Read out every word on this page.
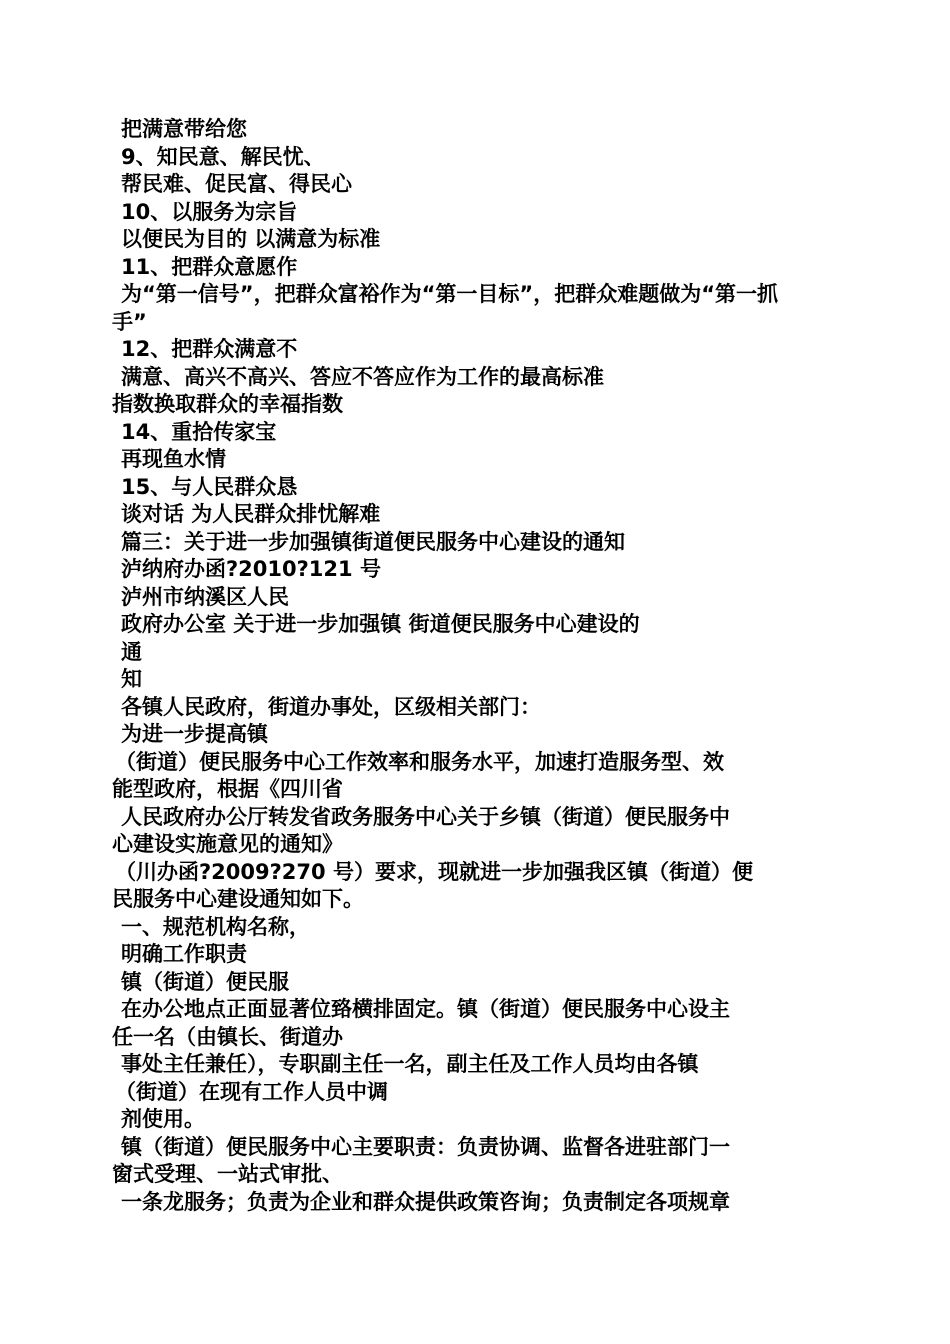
把满意带给您
9、知民意、解民忧、
帮民难、促民富、得民心
10、以服务为宗旨
以便民为目的 以满意为标准
11、把群众意愿作
为“第一信号”，把群众富裕作为“第一目标”，把群众难题做为“第一抓
手”
12、把群众满意不
满意、高兴不高兴、答应不答应作为工作的最高标准
指数换取群众的幸福指数
14、重拾传家宝
再现鱼水情
15、与人民群众恳
谈对话 为人民群众排忧解难
篇三：关于进一步加强镇街道便民服务中心建设的通知
泸纳府办函?2010?121 号
泸州市纳溪区人民
政府办公室 关于进一步加强镇 街道便民服务中心建设的
通
知
各镇人民政府，街道办事处，区级相关部门：
为进一步提高镇
（街道）便民服务中心工作效率和服务水平，加速打造服务型、效
能型政府，根据《四川省
人民政府办公厅转发省政务服务中心关于乡镇（街道）便民服务中
心建设实施意见的通知》
（川办函?2009?270 号）要求，现就进一步加强我区镇（街道）便
民服务中心建设通知如下。
一、规范机构名称，
明确工作职责
镇（街道）便民服
在办公地点正面显著位臵横排固定。镇（街道）便民服务中心设主
任一名（由镇长、街道办
事处主任兼任），专职副主任一名，副主任及工作人员均由各镇
（街道）在现有工作人员中调
剂使用。
镇（街道）便民服务中心主要职责：负责协调、监督各进驻部门一
窗式受理、一站式审批、
一条龙服务；负责为企业和群众提供政策咨询；负责制定各项规章
